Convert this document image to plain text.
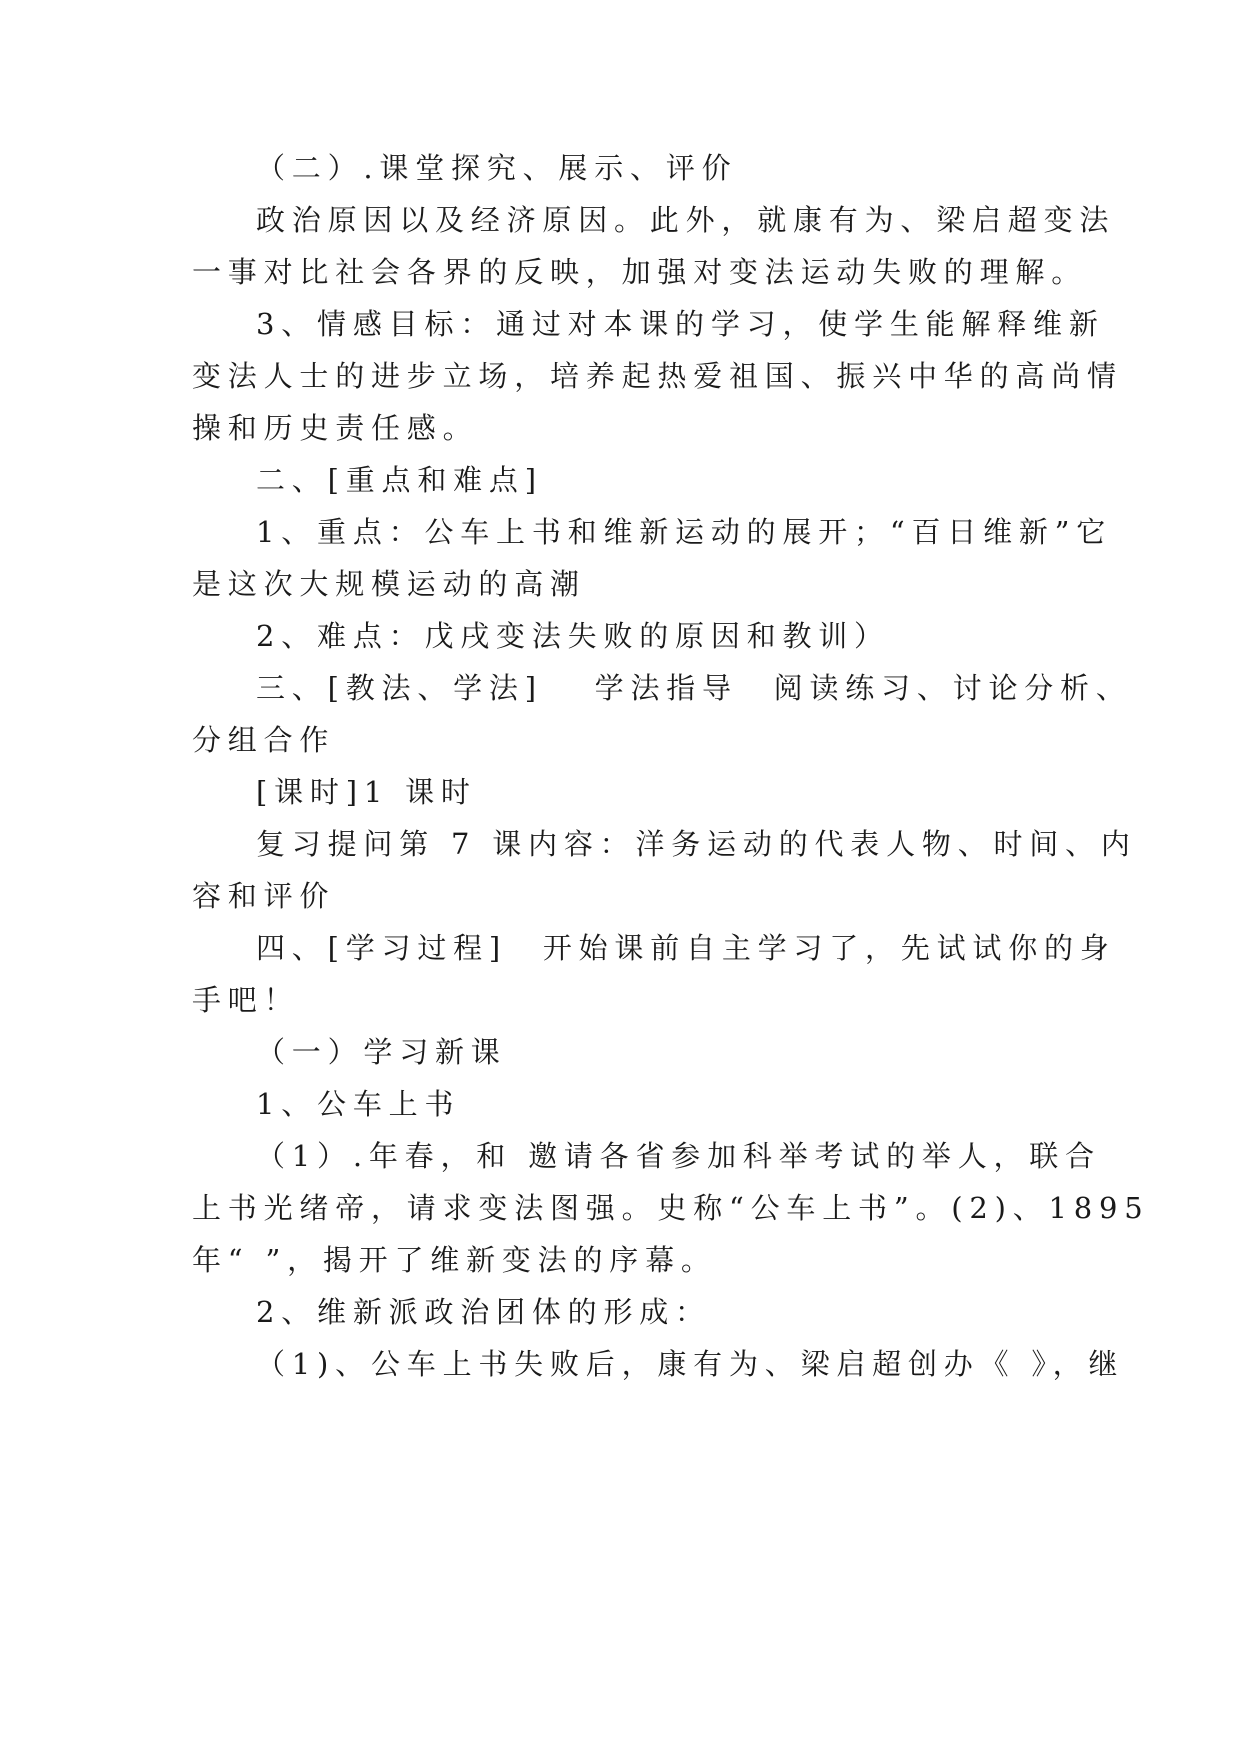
（二）.课堂探究、展示、评价
政治原因以及经济原因。此外，就康有为、梁启超变法
一事对比社会各界的反映，加强对变法运动失败的理解。
3、情感目标：通过对本课的学习，使学生能解释维新
变法人士的进步立场，培养起热爱祖国、振兴中华的高尚情
操和历史责任感。
二、[重点和难点]
1、重点：公车上书和维新运动的展开；“百日维新”它
是这次大规模运动的高潮
2、难点：戊戌变法失败的原因和教训）
三、[教法、学法]　 学法指导　阅读练习、讨论分析、
分组合作
[课时]1 课时
复习提问第 7 课内容：洋务运动的代表人物、时间、内
容和评价
四、[学习过程]　开始课前自主学习了，先试试你的身
手吧！
（一）学习新课
1、公车上书
（1）.年春，和 邀请各省参加科举考试的举人，联合
上书光绪帝，请求变法图强。史称“公车上书”。(2)、1895
年“ ”，揭开了维新变法的序幕。
2、维新派政治团体的形成：
（1)、公车上书失败后，康有为、梁启超创办《 》，继
